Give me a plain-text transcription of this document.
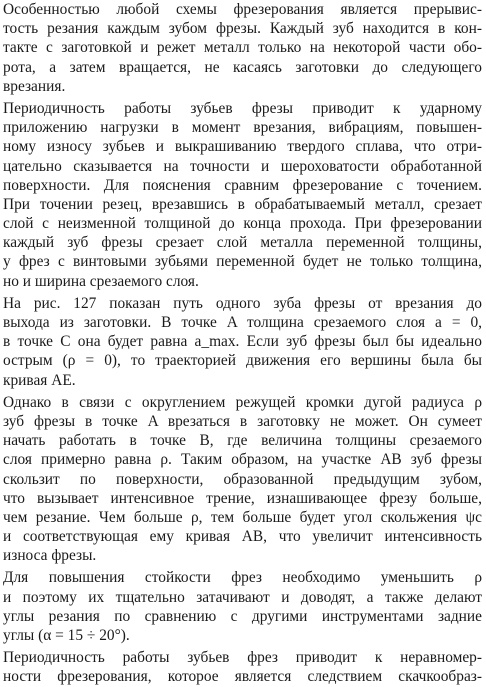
Особенностью любой схемы фрезерования является прерывис-
тость резания каждым зубом фрезы. Каждый зуб находится в кон-
такте с заготовкой и режет металл только на некоторой части обо-
рота, а затем вращается, не касаясь заготовки до следующего
врезания.
Периодичность работы зубьев фрезы приводит к ударному
приложению нагрузки в момент врезания, вибрациям, повышен-
ному износу зубьев и выкрашиванию твердого сплава, что отри-
цательно сказывается на точности и шероховатости обработанной
поверхности. Для пояснения сравним фрезерование с точением.
При точении резец, врезавшись в обрабатываемый металл, срезает
слой с неизменной толщиной до конца прохода. При фрезеровании
каждый зуб фрезы срезает слой металла переменной толщины,
у фрез с винтовыми зубьями переменной будет не только толщина,
но и ширина срезаемого слоя.
На рис. 127 показан путь одного зуба фрезы от врезания до
выхода из заготовки. В точке A толщина срезаемого слоя a = 0,
в точке C она будет равна a_max. Если зуб фрезы был бы идеально
острым (ρ = 0), то траекторией движения его вершины была бы
кривая AE.
Однако в связи с округлением режущей кромки дугой радиуса ρ
зуб фрезы в точке A врезаться в заготовку не может. Он сумеет
начать работать в точке B, где величина толщины срезаемого
слоя примерно равна ρ. Таким образом, на участке AB зуб фрезы
скользит по поверхности, образованной предыдущим зубом,
что вызывает интенсивное трение, изнашивающее фрезу больше,
чем резание. Чем больше ρ, тем больше будет угол скольжения ψc
и соответствующая ему кривая AB, что увеличит интенсивность
износа фрезы.
Для повышения стойкости фрез необходимо уменьшить ρ
и поэтому их тщательно затачивают и доводят, а также делают
углы резания по сравнению с другими инструментами задние
углы (α = 15 ÷ 20°).
Периодичность работы зубьев фрез приводит к неравномер-
ности фрезерования, которое является следствием скачкообраз-
